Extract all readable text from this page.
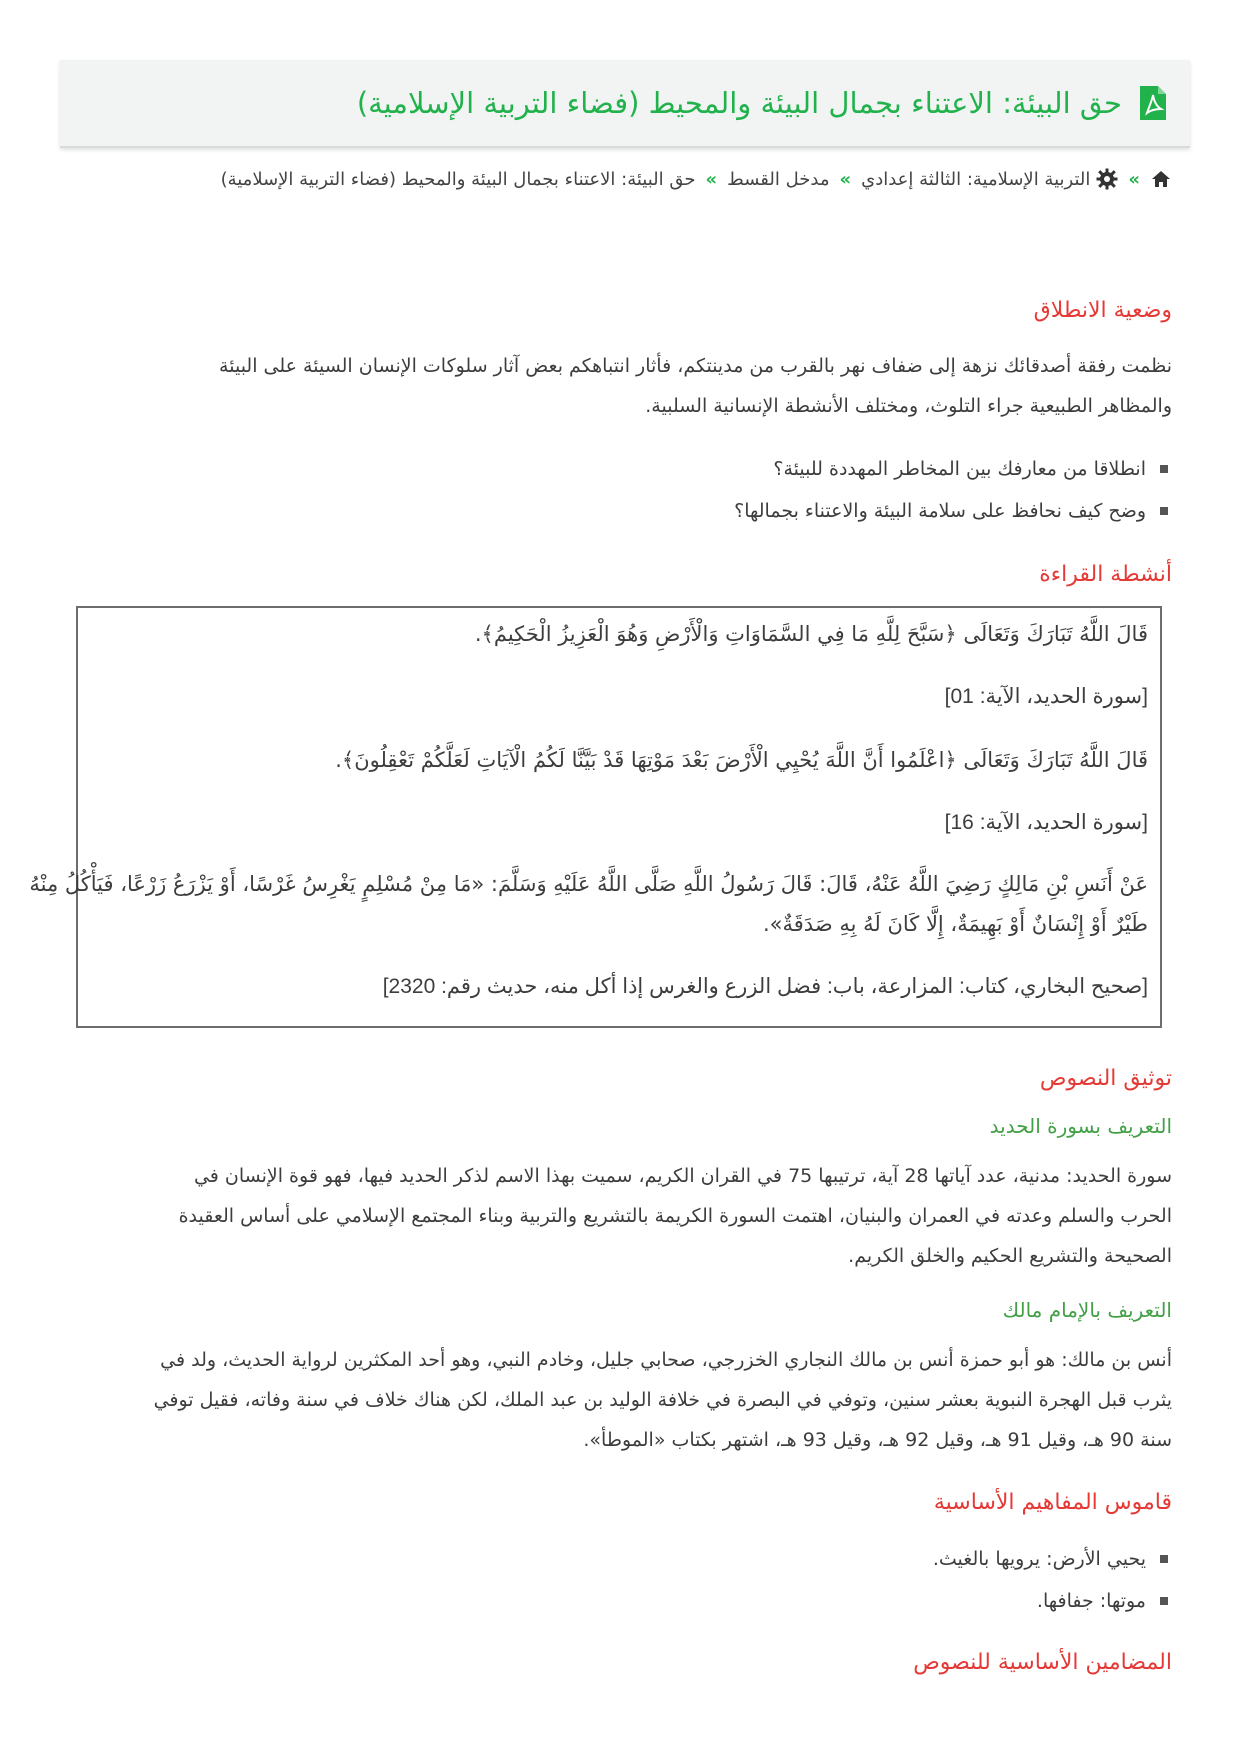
حق البيئة: الاعتناء بجمال البيئة والمحيط (فضاء التربية الإسلامية)
»
التربية الإسلامية: الثالثة إعدادي
»
مدخل القسط
»
حق البيئة: الاعتناء بجمال البيئة والمحيط (فضاء التربية الإسلامية)
وضعية الانطلاق

نظمت رفقة أصدقائك نزهة إلى ضفاف نهر بالقرب من مدينتكم، فأثار انتباهكم بعض آثار سلوكات الإنسان السيئة على البيئة

والمظاهر الطبيعية جراء التلوث، ومختلف الأنشطة الإنسانية السلبية.

انطلاقا من معارفك بين المخاطر المهددة للبيئة؟
وضح كيف نحافظ على سلامة البيئة والاعتناء بجمالها؟
أنشطة القراءة
قَالَ اللَّهُ تَبَارَكَ وَتَعَالَى ﴿سَبَّحَ لِلَّهِ مَا فِي السَّمَاوَاتِ وَالْأَرْضِ وَهُوَ الْعَزِيزُ الْحَكِيمُ﴾.
[سورة الحديد، الآية: 01]
قَالَ اللَّهُ تَبَارَكَ وَتَعَالَى ﴿اعْلَمُوا أَنَّ اللَّهَ يُحْيِي الْأَرْضَ بَعْدَ مَوْتِهَا قَدْ بَيَّنَّا لَكُمُ الْآيَاتِ لَعَلَّكُمْ تَعْقِلُونَ﴾.
[سورة الحديد، الآية: 16]
عَنْ أَنَسِ بْنِ مَالِكٍ رَضِيَ اللَّهُ عَنْهُ، قَالَ: قَالَ رَسُولُ اللَّهِ صَلَّى اللَّهُ عَلَيْهِ وَسَلَّمَ: «مَا مِنْ مُسْلِمٍ يَغْرِسُ غَرْسًا، أَوْ يَزْرَعُ زَرْعًا، فَيَأْكُلُ مِنْهُ
طَيْرٌ أَوْ إِنْسَانٌ أَوْ بَهِيمَةٌ، إِلَّا كَانَ لَهُ بِهِ صَدَقَةٌ».
[صحيح البخاري، كتاب: المزارعة، باب: فضل الزرع والغرس إذا أكل منه، حديث رقم: 2320]
توثيق النصوص
التعريف بسورة الحديد

سورة الحديد: مدنية، عدد آياتها 28 آية، ترتيبها 75 في القران الكريم، سميت بهذا الاسم لذكر الحديد فيها، فهو قوة الإنسان في

الحرب والسلم وعدته في العمران والبنيان، اهتمت السورة الكريمة بالتشريع والتربية وبناء المجتمع الإسلامي على أساس العقيدة

الصحيحة والتشريع الحكيم والخلق الكريم.

التعريف بالإمام مالك

أنس بن مالك: هو أبو حمزة أنس بن مالك النجاري الخزرجي، صحابي جليل، وخادم النبي، وهو أحد المكثرين لرواية الحديث، ولد في

يثرب قبل الهجرة النبوية بعشر سنين، وتوفي في البصرة في خلافة الوليد بن عبد الملك، لكن هناك خلاف في سنة وفاته، فقيل توفي

سنة 90 هـ، وقيل 91 هـ، وقيل 92 هـ، وقيل 93 هـ، اشتهر بكتاب «الموطأ».

قاموس المفاهيم الأساسية
يحيي الأرض: يرويها بالغيث.
موتها: جفافها.
المضامين الأساسية للنصوص
